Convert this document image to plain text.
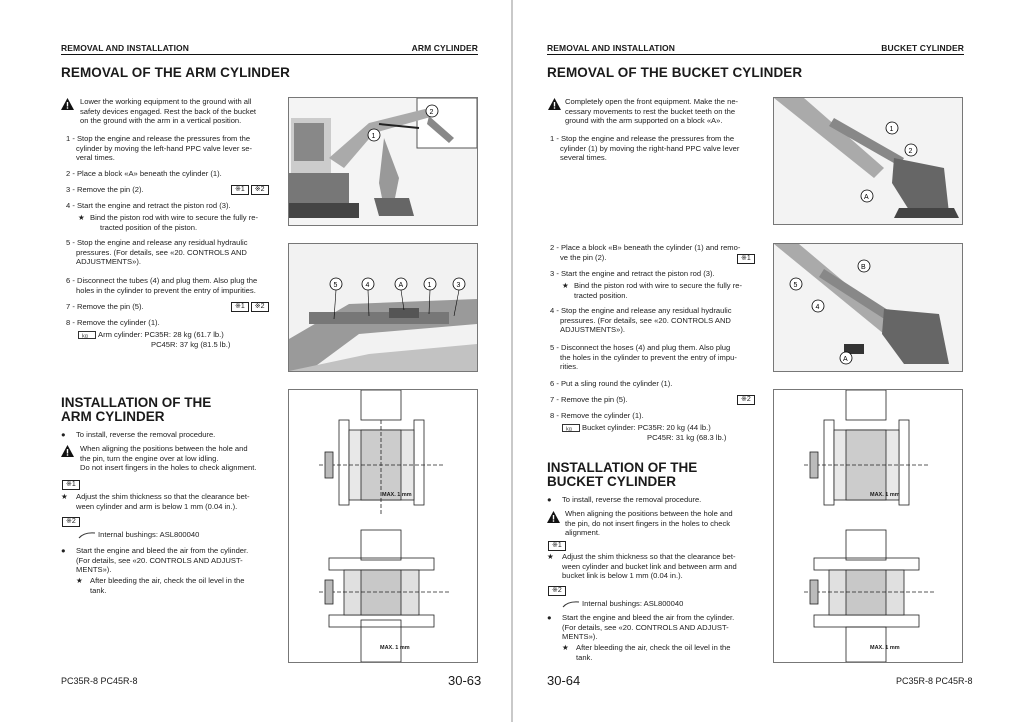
REMOVAL AND INSTALLATION	ARM CYLINDER
REMOVAL OF THE ARM CYLINDER
Lower the working equipment to the ground with all
safety devices engaged. Rest the back of the bucket
on the ground with the arm in a vertical position.
1 - Stop the engine and release the pressures from the
cylinder by moving the left-hand PPC valve lever se-
veral times.
2 - Place a block «A» beneath the cylinder (1).
3 - Remove the pin (2).	※1 ※2
4 - Start the engine and retract the piston rod (3).
★ Bind the piston rod with wire to secure the fully re-
tracted position of the piston.
5 - Stop the engine and release any residual hydraulic
pressures. (For details, see «20. CONTROLS AND
ADJUSTMENTS»).
6 - Disconnect the tubes (4) and plug them. Also plug the
holes in the cylinder to prevent the entry of impurities.
7 - Remove the pin (5).	※1 ※2
8 - Remove the cylinder (1).
kg Arm cylinder: PC35R: 28 kg (61.7 lb.)
PC45R: 37 kg (81.5 lb.)
2
1
5	4	A	1	3
INSTALLATION OF THE
ARM CYLINDER
● To install, reverse the removal procedure.
When aligning the positions between the hole and
the pin, turn the engine over at low idling.
Do not insert fingers in the holes to check alignment.
※1
★ Adjust the shim thickness so that the clearance bet-
ween cylinder and arm is below 1 mm (0.04 in.).
※2
Internal bushings: ASL800040
● Start the engine and bleed the air from the cylinder.
(For details, see «20. CONTROLS AND ADJUST-
MENTS»).
★ After bleeding the air, check the oil level in the
tank.
MAX. 1 mm
MAX. 1 mm
PC35R-8 PC45R-8	30-63
REMOVAL AND INSTALLATION	BUCKET CYLINDER
REMOVAL OF THE BUCKET CYLINDER
Completely open the front equipment. Make the ne-
cessary movements to rest the bucket teeth on the
ground with the arm supported on a block «A».
1 - Stop the engine and release the pressures from the
cylinder (1) by moving the right-hand PPC valve lever
several times.
1
2
A
2 - Place a block «B» beneath the cylinder (1) and remo-
ve the pin (2).	※1
3 - Start the engine and retract the piston rod (3).
★ Bind the piston rod with wire to secure the fully re-
tracted position.
4 - Stop the engine and release any residual hydraulic
pressures. (For details, see «20. CONTROLS AND
ADJUSTMENTS»).
5 - Disconnect the hoses (4) and plug them. Also plug
the holes in the cylinder to prevent the entry of impu-
rities.
6 - Put a sling round the cylinder (1).
7 - Remove the pin (5).	※2
8 - Remove the cylinder (1).
kg Bucket cylinder: PC35R: 20 kg (44 lb.)
PC45R: 31 kg (68.3 lb.)
B
5
4
A
INSTALLATION OF THE
BUCKET CYLINDER
● To install, reverse the removal procedure.
When aligning the positions between the hole and
the pin, do not insert fingers in the holes to check
alignment.
※1
★ Adjust the shim thickness so that the clearance bet-
ween cylinder and bucket link and between arm and
bucket link is below 1 mm (0.04 in.).
※2
Internal bushings: ASL800040
● Start the engine and bleed the air from the cylinder.
(For details, see «20. CONTROLS AND ADJUST-
MENTS»).
★ After bleeding the air, check the oil level in the
tank.
MAX. 1 mm
MAX. 1 mm
30-64	PC35R-8 PC45R-8
